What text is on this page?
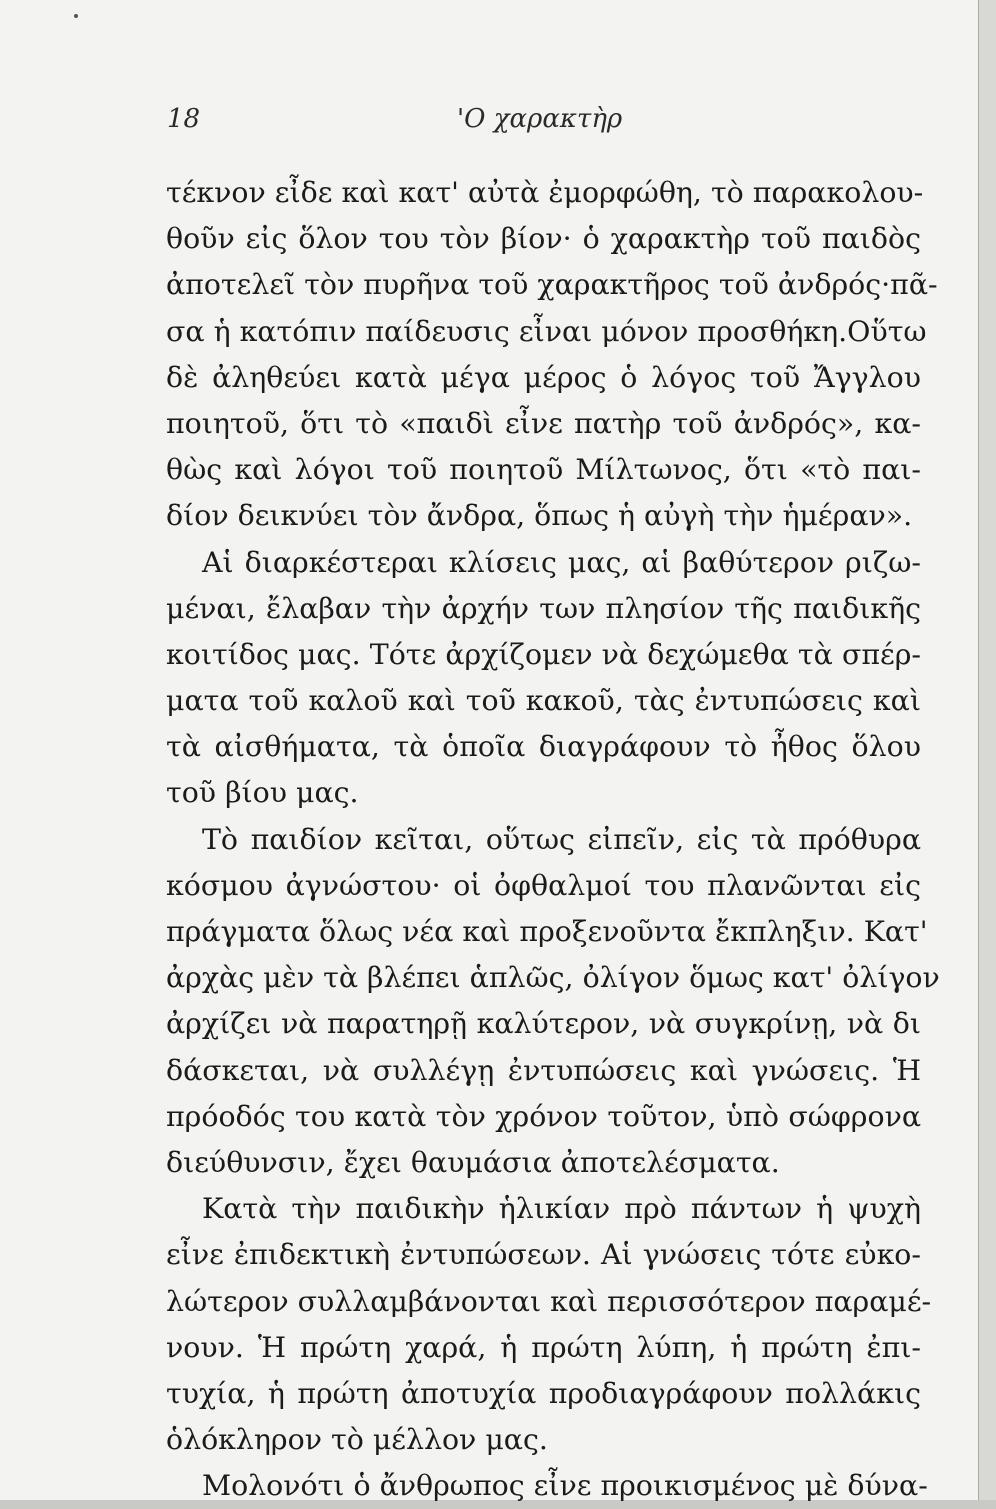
18	'Ο χαρακτὴρ
τέκνον εἶδε καὶ κατ' αὐτὰ ἐμορφώθη, τὸ παρακολου-
θοῦν εἰς ὅλον του τὸν βίον· ὁ χαρακτὴρ τοῦ παιδὸς
ἀποτελεῖ τὸν πυρῆνα τοῦ χαρακτῆρος τοῦ ἀνδρός·πᾶ-
σα ἡ κατόπιν παίδευσις εἶναι μόνον προσθήκη.Οὕτω
δὲ ἀληθεύει κατὰ μέγα μέρος ὁ λόγος τοῦ Ἄγγλου
ποιητοῦ, ὅτι τὸ «παιδὶ εἶνε πατὴρ τοῦ ἀνδρός», κα-
θὼς καὶ λόγοι τοῦ ποιητοῦ Μίλτωνος, ὅτι «τὸ παι-
δίον δεικνύει τὸν ἄνδρα, ὅπως ἡ αὐγὴ τὴν ἡμέραν».
Αἱ διαρκέστεραι κλίσεις μας, αἱ βαθύτερον ριζω-
μέναι, ἔλαβαν τὴν ἀρχήν των πλησίον τῆς παιδικῆς
κοιτίδος μας. Τότε ἀρχίζομεν νὰ δεχώμεθα τὰ σπέρ-
ματα τοῦ καλοῦ καὶ τοῦ κακοῦ, τὰς ἐντυπώσεις καὶ
τὰ αἰσθήματα, τὰ ὁποῖα διαγράφουν τὸ ἦθος ὅλου
τοῦ βίου μας.
Τὸ παιδίον κεῖται, οὕτως εἰπεῖν, εἰς τὰ πρόθυρα
κόσμου ἀγνώστου· οἱ ὀφθαλμοί του πλανῶνται εἰς
πράγματα ὅλως νέα καὶ προξενοῦντα ἔκπληξιν. Κατ'
ἀρχὰς μὲν τὰ βλέπει ἁπλῶς, ὀλίγον ὅμως κατ' ὀλίγον
ἀρχίζει νὰ παρατηρῇ καλύτερον, νὰ συγκρίνῃ, νὰ δι
δάσκεται, νὰ συλλέγῃ ἐντυπώσεις καὶ γνώσεις. Ἡ
πρόοδός του κατὰ τὸν χρόνον τοῦτον, ὑπὸ σώφρονα
διεύθυνσιν, ἔχει θαυμάσια ἀποτελέσματα.
Κατὰ τὴν παιδικὴν ἡλικίαν πρὸ πάντων ἡ ψυχὴ
εἶνε ἐπιδεκτικὴ ἐντυπώσεων. Αἱ γνώσεις τότε εὐκο-
λώτερον συλλαμβάνονται καὶ περισσότερον παραμέ-
νουν. Ἡ πρώτη χαρά, ἡ πρώτη λύπη, ἡ πρώτη ἐπι-
τυχία, ἡ πρώτη ἀποτυχία προδιαγράφουν πολλάκις
ὁλόκληρον τὸ μέλλον μας.
Μολονότι ὁ ἄνθρωπος εἶνε προικισμένος μὲ δύνα-
